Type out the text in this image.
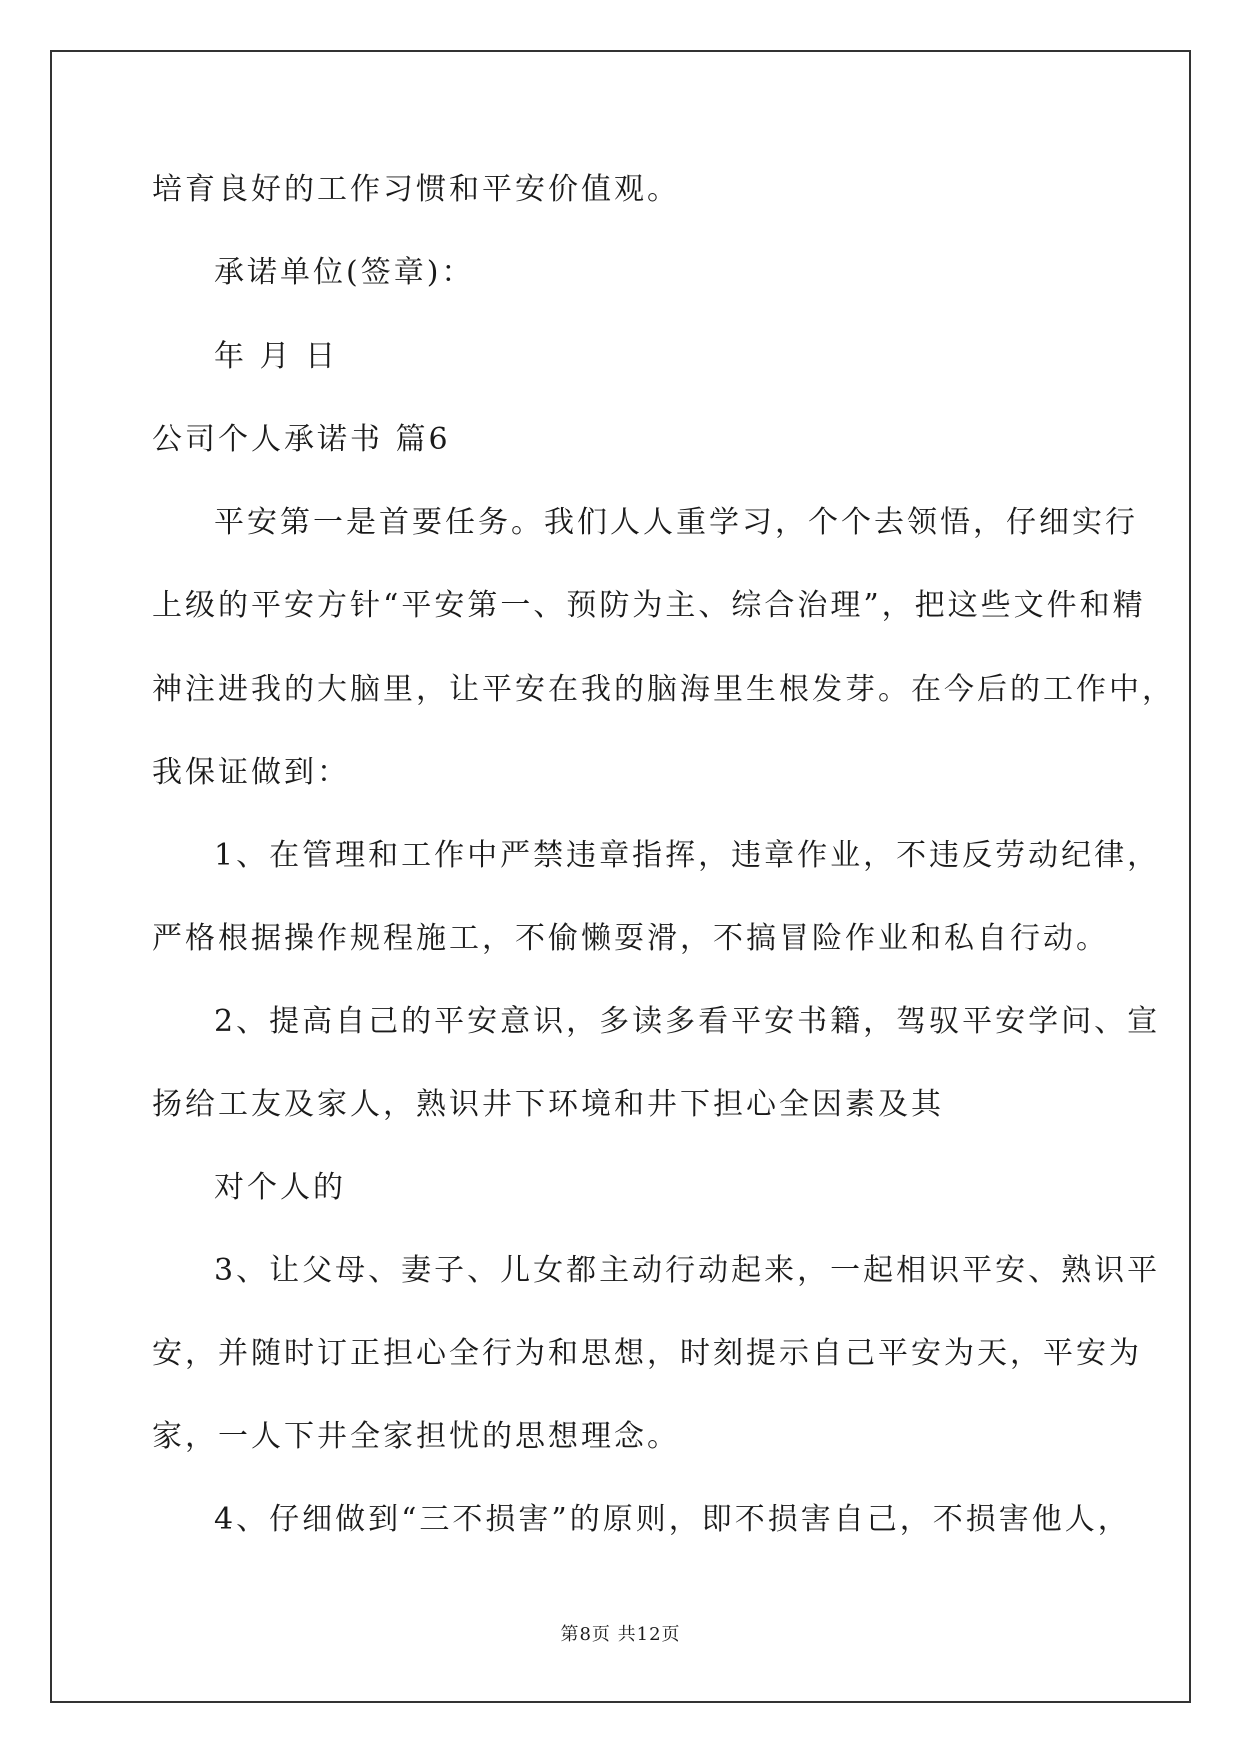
培育良好的工作习惯和平安价值观。
承诺单位(签章)：
年 月 日
公司个人承诺书 篇6
平安第一是首要任务。我们人人重学习，个个去领悟，仔细实行
上级的平安方针“平安第一、预防为主、综合治理”，把这些文件和精
神注进我的大脑里，让平安在我的脑海里生根发芽。在今后的工作中，
我保证做到：
1、在管理和工作中严禁违章指挥，违章作业，不违反劳动纪律，
严格根据操作规程施工，不偷懒耍滑，不搞冒险作业和私自行动。
2、提高自己的平安意识，多读多看平安书籍，驾驭平安学问、宣
扬给工友及家人，熟识井下环境和井下担心全因素及其
对个人的
3、让父母、妻子、儿女都主动行动起来，一起相识平安、熟识平
安，并随时订正担心全行为和思想，时刻提示自己平安为天，平安为
家，一人下井全家担忧的思想理念。
4、仔细做到“三不损害”的原则，即不损害自己，不损害他人，
第8页 共12页
